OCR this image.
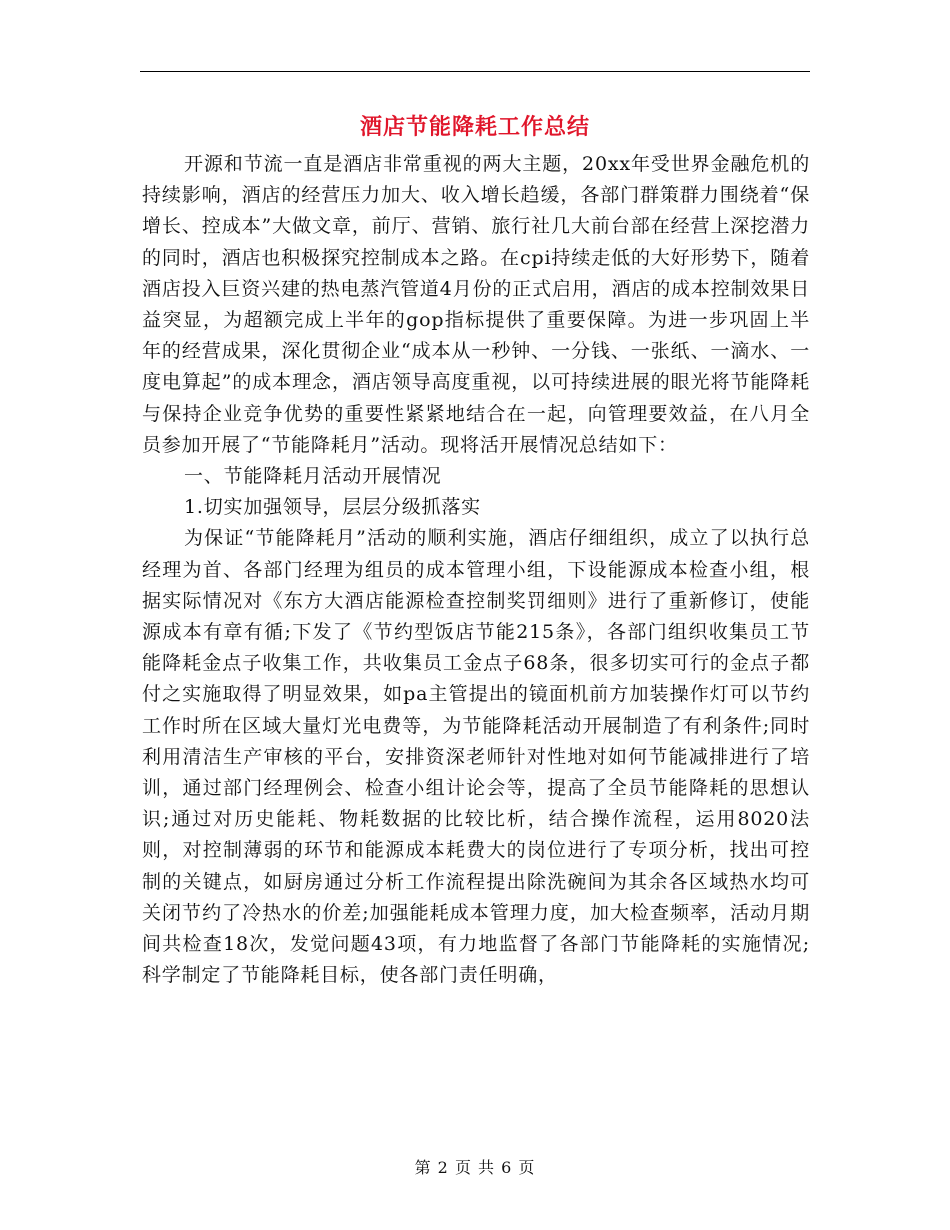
酒店节能降耗工作总结

开源和节流一直是酒店非常重视的两大主题，20xx年受世界金融危机的持续影响，酒店的经营压力加大、收入增长趋缓，各部门群策群力围绕着“保增长、控成本”大做文章，前厅、营销、旅行社几大前台部在经营上深挖潜力的同时，酒店也积极探究控制成本之路。在cpi持续走低的大好形势下，随着酒店投入巨资兴建的热电蒸汽管道4月份的正式启用，酒店的成本控制效果日益突显，为超额完成上半年的gop指标提供了重要保障。为进一步巩固上半年的经营成果，深化贯彻企业“成本从一秒钟、一分钱、一张纸、一滴水、一度电算起”的成本理念，酒店领导高度重视，以可持续进展的眼光将节能降耗与保持企业竞争优势的重要性紧紧地结合在一起，向管理要效益，在八月全员参加开展了“节能降耗月”活动。现将活开展情况总结如下：

一、节能降耗月活动开展情况

1.切实加强领导，层层分级抓落实

为保证“节能降耗月”活动的顺利实施，酒店仔细组织，成立了以执行总经理为首、各部门经理为组员的成本管理小组，下设能源成本检查小组，根据实际情况对《东方大酒店能源检查控制奖罚细则》进行了重新修订，使能源成本有章有循;下发了《节约型饭店节能215条》，各部门组织收集员工节能降耗金点子收集工作，共收集员工金点子68条，很多切实可行的金点子都付之实施取得了明显效果，如pa主管提出的镜面机前方加装操作灯可以节约工作时所在区域大量灯光电费等，为节能降耗活动开展制造了有利条件;同时利用清洁生产审核的平台，安排资深老师针对性地对如何节能减排进行了培训，通过部门经理例会、检查小组计论会等，提高了全员节能降耗的思想认识;通过对历史能耗、物耗数据的比较比析，结合操作流程，运用8020法则，对控制薄弱的环节和能源成本耗费大的岗位进行了专项分析，找出可控制的关键点，如厨房通过分析工作流程提出除洗碗间为其余各区域热水均可关闭节约了冷热水的价差;加强能耗成本管理力度，加大检查频率，活动月期间共检查18次，发觉问题43项，有力地监督了各部门节能降耗的实施情况;科学制定了节能降耗目标，使各部门责任明确，

第 2 页 共 6 页
